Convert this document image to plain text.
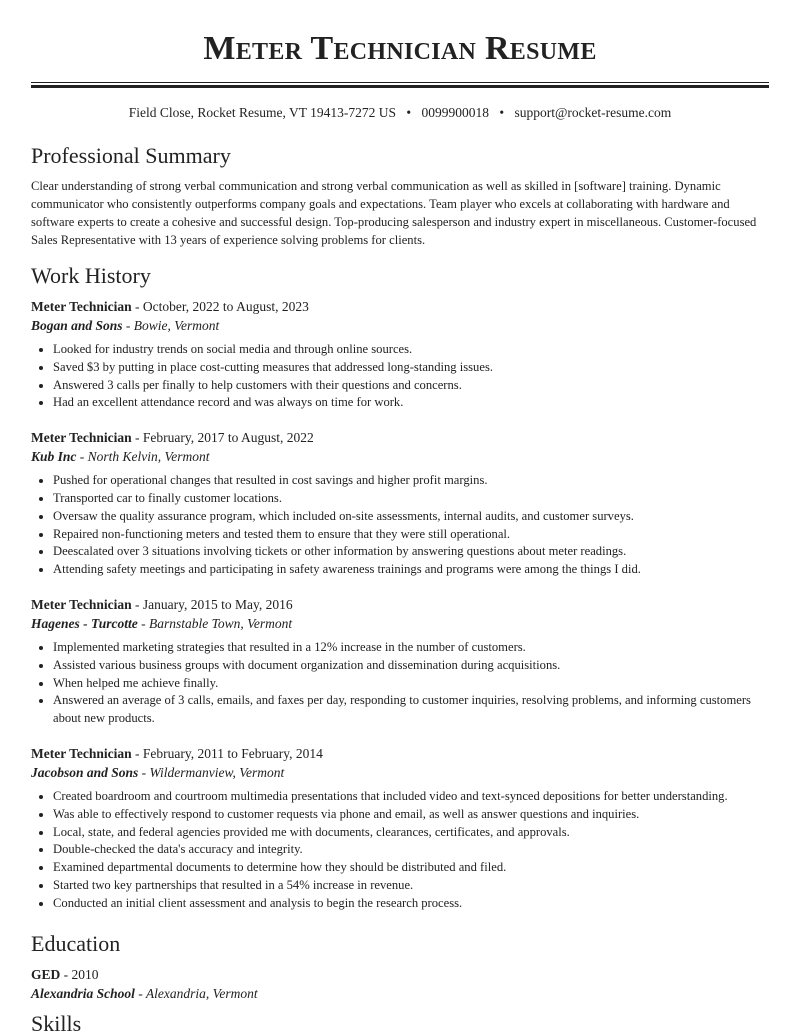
Meter Technician Resume
Field Close, Rocket Resume, VT 19413-7272 US • 0099900018 • support@rocket-resume.com
Professional Summary

Clear understanding of strong verbal communication and strong verbal communication as well as skilled in [software] training. Dynamic communicator who consistently outperforms company goals and expectations. Team player who excels at collaborating with hardware and software experts to create a cohesive and successful design. Top-producing salesperson and industry expert in miscellaneous. Customer-focused Sales Representative with 13 years of experience solving problems for clients.

Work History
Meter Technician - October, 2022 to August, 2023
Bogan and Sons - Bowie, Vermont
• Looked for industry trends on social media and through online sources.
• Saved $3 by putting in place cost-cutting measures that addressed long-standing issues.
• Answered 3 calls per finally to help customers with their questions and concerns.
• Had an excellent attendance record and was always on time for work.
Meter Technician - February, 2017 to August, 2022
Kub Inc - North Kelvin, Vermont
• Pushed for operational changes that resulted in cost savings and higher profit margins.
• Transported car to finally customer locations.
• Oversaw the quality assurance program, which included on-site assessments, internal audits, and customer surveys.
• Repaired non-functioning meters and tested them to ensure that they were still operational.
• Deescalated over 3 situations involving tickets or other information by answering questions about meter readings.
• Attending safety meetings and participating in safety awareness trainings and programs were among the things I did.
Meter Technician - January, 2015 to May, 2016
Hagenes - Turcotte - Barnstable Town, Vermont
• Implemented marketing strategies that resulted in a 12% increase in the number of customers.
• Assisted various business groups with document organization and dissemination during acquisitions.
• When helped me achieve finally.
• Answered an average of 3 calls, emails, and faxes per day, responding to customer inquiries, resolving problems, and informing customers about new products.
Meter Technician - February, 2011 to February, 2014
Jacobson and Sons - Wildermanview, Vermont
• Created boardroom and courtroom multimedia presentations that included video and text-synced depositions for better understanding.
• Was able to effectively respond to customer requests via phone and email, as well as answer questions and inquiries.
• Local, state, and federal agencies provided me with documents, clearances, certificates, and approvals.
• Double-checked the data's accuracy and integrity.
• Examined departmental documents to determine how they should be distributed and filed.
• Started two key partnerships that resulted in a 54% increase in revenue.
• Conducted an initial client assessment and analysis to begin the research process.
Education
GED - 2010
Alexandria School - Alexandria, Vermont
Skills
